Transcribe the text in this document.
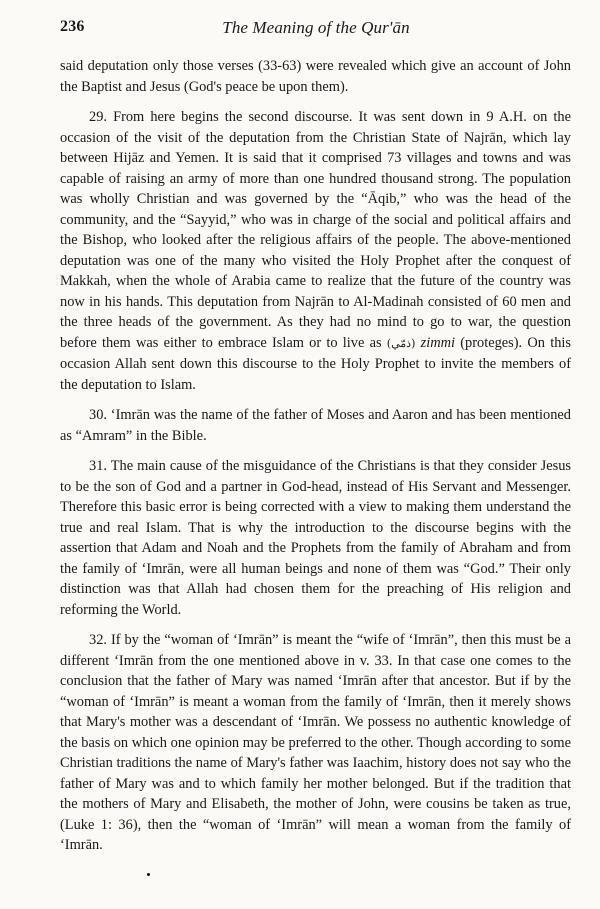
236	The Meaning of the Qur'ān

said deputation only those verses (33-63) were revealed which give an account of John the Baptist and Jesus (God's peace be upon them).

29. From here begins the second discourse. It was sent down in 9 A.H. on the occasion of the visit of the deputation from the Christian State of Najrān, which lay between Hijāz and Yemen. It is said that it comprised 73 villages and towns and was capable of raising an army of more than one hundred thousand strong. The population was wholly Christian and was governed by the “Āqib,” who was the head of the community, and the “Sayyid,” who was in charge of the social and political affairs and the Bishop, who looked after the religious affairs of the people. The above-mentioned deputation was one of the many who visited the Holy Prophet after the conquest of Makkah, when the whole of Arabia came to realize that the future of the country was now in his hands. This deputation from Najrān to Al-Madinah consisted of 60 men and the three heads of the government. As they had no mind to go to war, the question before them was either to embrace Islam or to live as (ذمّي) zimmi (proteges). On this occasion Allah sent down this discourse to the Holy Prophet to invite the members of the deputation to Islam.

30. ‘Imrān was the name of the father of Moses and Aaron and has been mentioned as “Amram” in the Bible.

31. The main cause of the misguidance of the Christians is that they consider Jesus to be the son of God and a partner in God-head, instead of His Servant and Messenger. Therefore this basic error is being corrected with a view to making them understand the true and real Islam. That is why the introduction to the discourse begins with the assertion that Adam and Noah and the Prophets from the family of Abraham and from the family of ‘Imrān, were all human beings and none of them was “God.” Their only distinction was that Allah had chosen them for the preaching of His religion and reforming the World.

32. If by the “woman of ‘Imrān” is meant the “wife of ‘Imrān”, then this must be a different ‘Imrān from the one mentioned above in v. 33. In that case one comes to the conclusion that the father of Mary was named ‘Imrān after that ancestor. But if by the “woman of ‘Imrān” is meant a woman from the family of ‘Imrān, then it merely shows that Mary's mother was a descendant of ‘Imrān. We possess no authentic knowledge of the basis on which one opinion may be preferred to the other. Though according to some Christian traditions the name of Mary's father was Iaachim, history does not say who the father of Mary was and to which family her mother belonged. But if the tradition that the mothers of Mary and Elisabeth, the mother of John, were cousins be taken as true, (Luke 1: 36), then the “woman of ‘Imrān” will mean a woman from the family of ‘Imrān.
